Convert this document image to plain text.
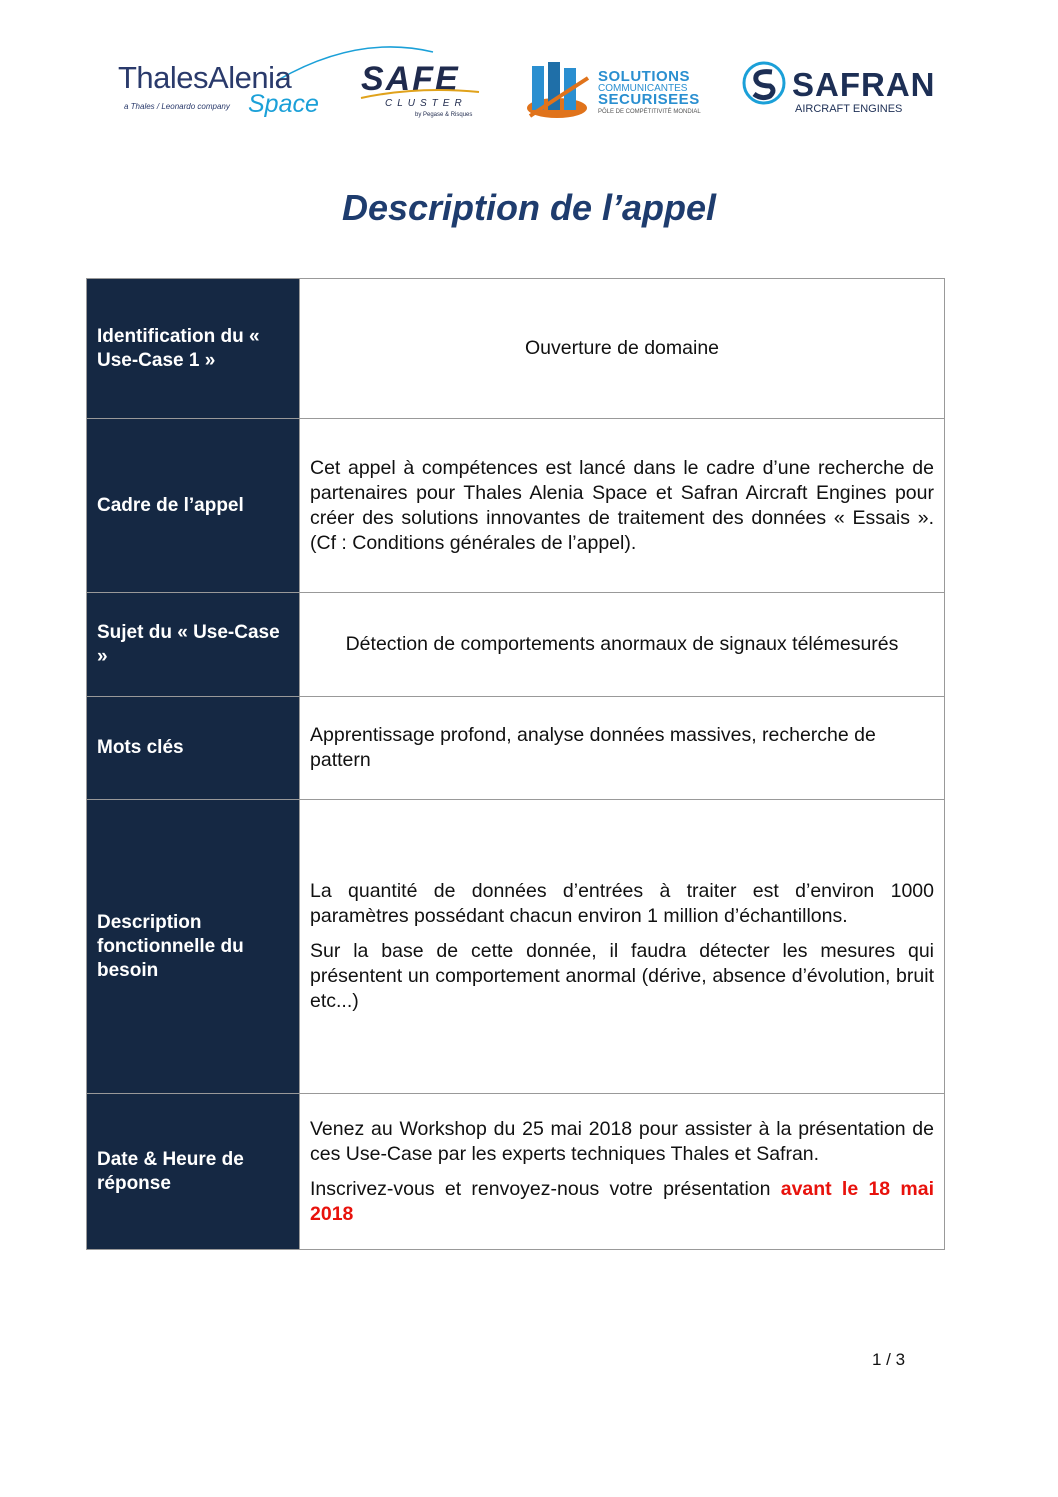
ThalesAlenia
Space
a Thales / Leonardo company
SAFE
CLUSTER
by Pegase & Risques
SOLUTIONS
COMMUNICANTES
SECURISEES
PÔLE DE COMPÉTITIVITÉ MONDIAL
SAFRAN
AIRCRAFT ENGINES
Description de l’appel
Identification du « Use-Case 1 »

Ouverture de domaine

Cadre de l’appel

Cet appel à compétences est lancé dans le cadre d’une recherche de partenaires pour Thales Alenia Space et Safran Aircraft Engines pour créer des solutions innovantes de traitement des données « Essais ». (Cf : Conditions générales de l’appel).

Sujet du « Use-Case »

Détection de comportements anormaux de signaux télémesurés

Mots clés

Apprentissage profond, analyse données massives, recherche de pattern

Description fonctionnelle du besoin

La quantité de données d’entrées à traiter est d’environ 1000 paramètres possédant chacun environ 1 million d’échantillons.

Sur la base de cette donnée, il faudra détecter les mesures qui présentent un comportement anormal (dérive, absence d’évolution, bruit etc...)

Date & Heure de réponse

Venez au Workshop du 25 mai 2018 pour assister à la présentation de ces Use-Case par les experts techniques Thales et Safran.

Inscrivez-vous et renvoyez-nous votre présentation avant le 18 mai 2018

1 / 3
